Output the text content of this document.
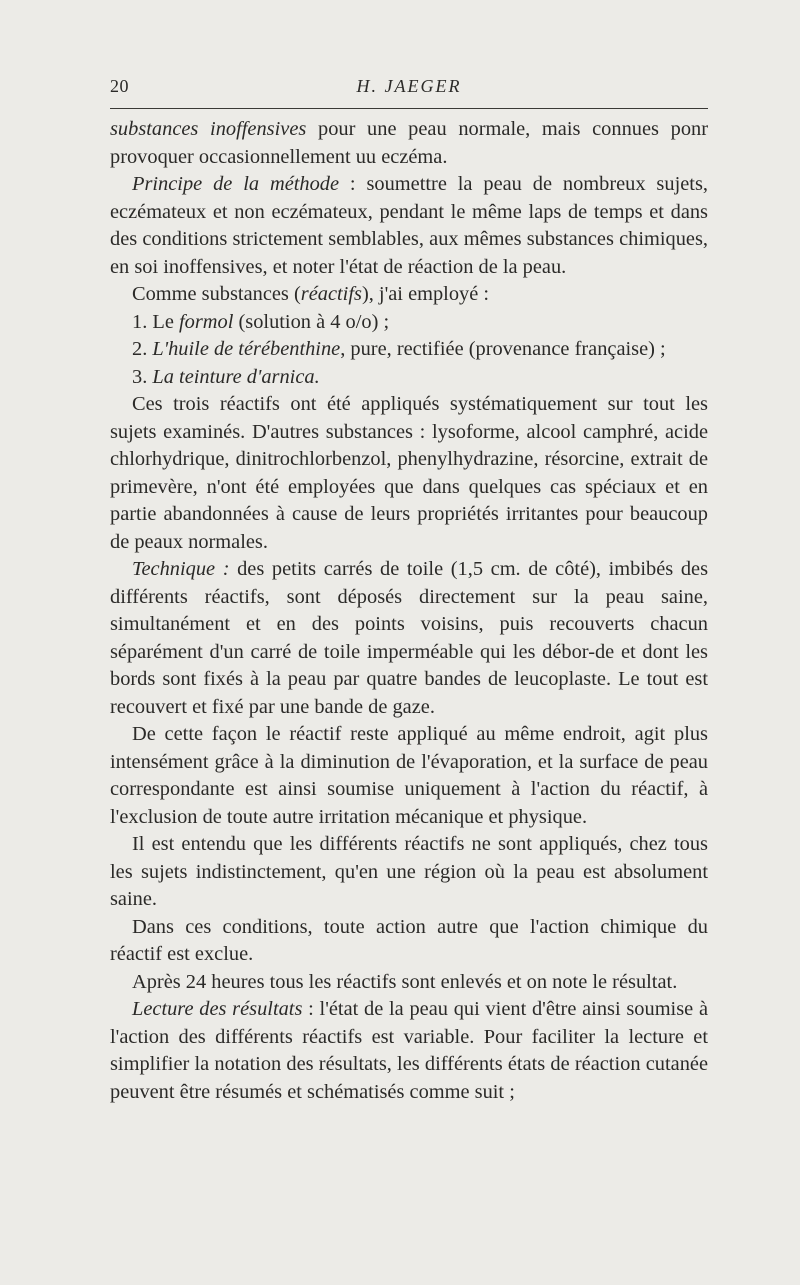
20	H. JAEGER

substances inoffensives pour une peau normale, mais connues ponr provoquer occasionnellement uu eczéma.

Principe de la méthode : soumettre la peau de nombreux sujets, eczémateux et non eczémateux, pendant le même laps de temps et dans des conditions strictement semblables, aux mêmes substances chimiques, en soi inoffensives, et noter l'état de réaction de la peau.

Comme substances (réactifs), j'ai employé :

1. Le formol (solution à 4 o/o) ;

2. L'huile de térébenthine, pure, rectifiée (provenance française) ;

3. La teinture d'arnica.

Ces trois réactifs ont été appliqués systématiquement sur tout les sujets examinés. D'autres substances : lysoforme, alcool camphré, acide chlorhydrique, dinitrochlorbenzol, phenylhydrazine, résorcine, extrait de primevère, n'ont été employées que dans quelques cas spéciaux et en partie abandonnées à cause de leurs propriétés irritantes pour beaucoup de peaux normales.

Technique : des petits carrés de toile (1,5 cm. de côté), imbibés des différents réactifs, sont déposés directement sur la peau saine, simultanément et en des points voisins, puis recouverts chacun séparément d'un carré de toile imperméable qui les débor-de et dont les bords sont fixés à la peau par quatre bandes de leucoplaste. Le tout est recouvert et fixé par une bande de gaze.

De cette façon le réactif reste appliqué au même endroit, agit plus intensément grâce à la diminution de l'évaporation, et la surface de peau correspondante est ainsi soumise uniquement à l'action du réactif, à l'exclusion de toute autre irritation mécanique et physique.

Il est entendu que les différents réactifs ne sont appliqués, chez tous les sujets indistinctement, qu'en une région où la peau est absolument saine.

Dans ces conditions, toute action autre que l'action chimique du réactif est exclue.

Après 24 heures tous les réactifs sont enlevés et on note le résultat.

Lecture des résultats : l'état de la peau qui vient d'être ainsi soumise à l'action des différents réactifs est variable. Pour faciliter la lecture et simplifier la notation des résultats, les différents états de réaction cutanée peuvent être résumés et schématisés comme suit ;
